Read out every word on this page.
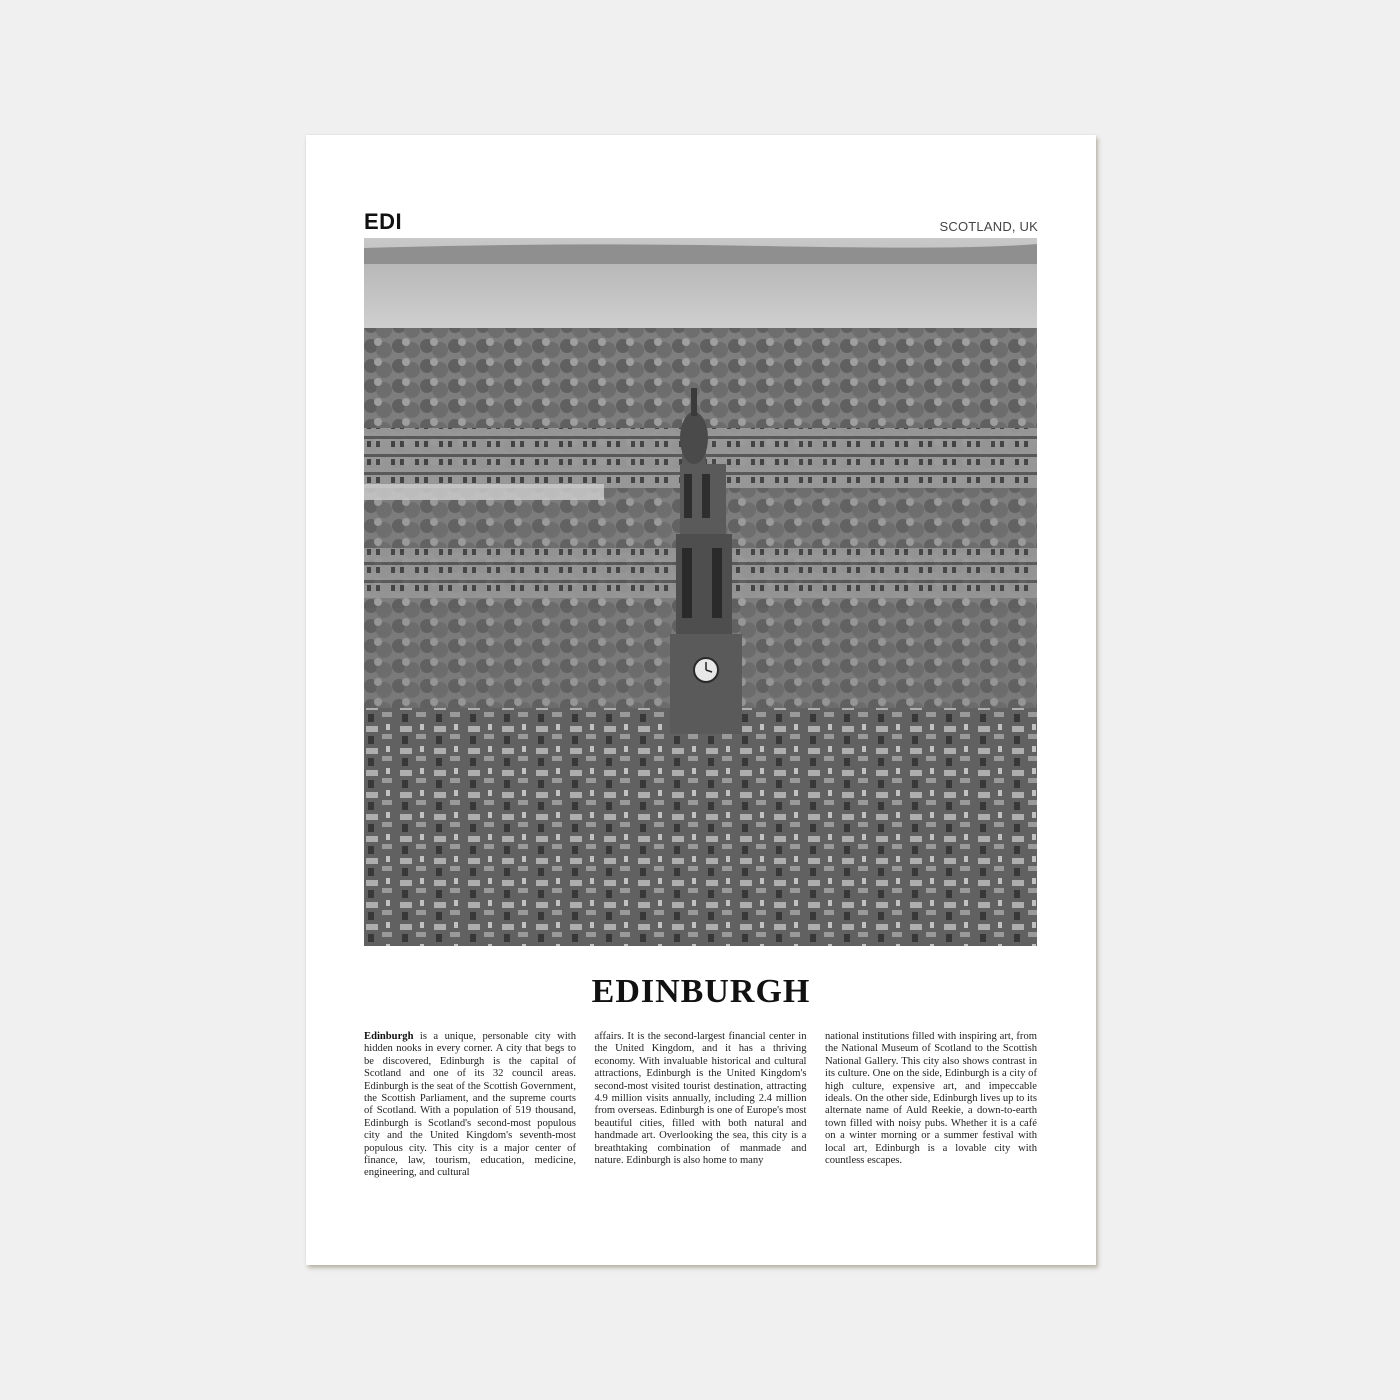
EDI	SCOTLAND, UK
EDINBURGH

Edinburgh is a unique, personable city with hidden nooks in every corner. A city that begs to be discovered, Edinburgh is the capital of Scotland and one of its 32 council areas. Edinburgh is the seat of the Scottish Government, the Scottish Parliament, and the supreme courts of Scotland. With a population of 519 thousand, Edinburgh is Scotland's second-most populous city and the United Kingdom's seventh-most populous city. This city is a major center of finance, law, tourism, education, medicine, engineering, and cultural

affairs. It is the second-largest financial center in the United Kingdom, and it has a thriving economy. With invaluable historical and cultural attractions, Edinburgh is the United Kingdom's second-most visited tourist destination, attracting 4.9 million visits annually, including 2.4 million from overseas. Edinburgh is one of Europe's most beautiful cities, filled with both natural and handmade art. Overlooking the sea, this city is a breathtaking combination of manmade and nature. Edinburgh is also home to many

national institutions filled with inspiring art, from the National Museum of Scotland to the Scottish National Gallery. This city also shows contrast in its culture. One on the side, Edinburgh is a city of high culture, expensive art, and impeccable ideals. On the other side, Edinburgh lives up to its alternate name of Auld Reekie, a down-to-earth town filled with noisy pubs. Whether it is a café on a winter morning or a summer festival with local art, Edinburgh is a lovable city with countless escapes.
